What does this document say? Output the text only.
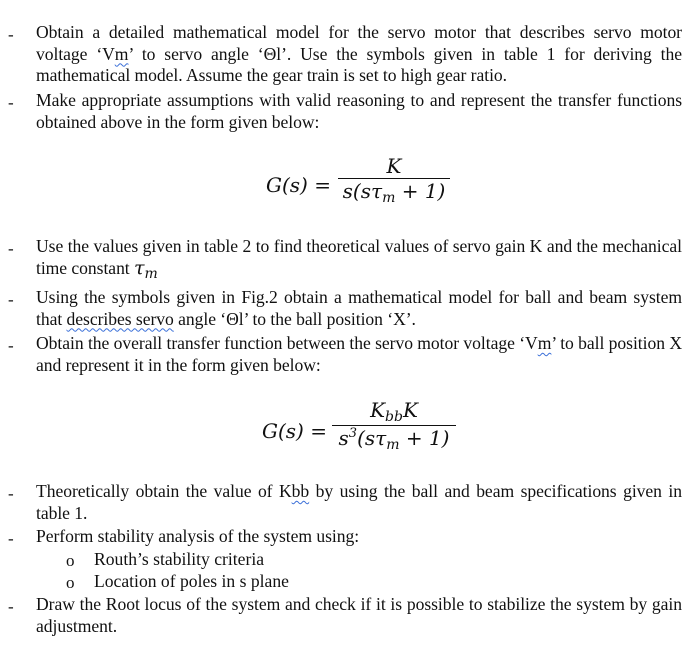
- Obtain a detailed mathematical model for the servo motor that describes servo motor voltage ‘Vm’ to servo angle ‘Θl’. Use the symbols given in table 1 for deriving the mathematical model. Assume the gear train is set to high gear ratio.
- Make appropriate assumptions with valid reasoning to and represent the transfer functions obtained above in the form given below:
G(s) =
K
$s(s\tau_m + 1)$
- Use the values given in table 2 to find theoretical values of servo gain K and the mechanical time constant $\tau_m$
- Using the symbols given in Fig.2 obtain a mathematical model for ball and beam system that describes servo angle ‘Θl’ to the ball position ‘X’.
- Obtain the overall transfer function between the servo motor voltage ‘Vm’ to ball position X and represent it in the form given below:
G(s) =
$K_{bb}K$
$s^3(s\tau_m + 1)$
- Theoretically obtain the value of Kbb by using the ball and beam specifications given in table 1.
- Perform stability analysis of the system using:
o Routh’s stability criteria
o Location of poles in s plane
- Draw the Root locus of the system and check if it is possible to stabilize the system by gain adjustment.
